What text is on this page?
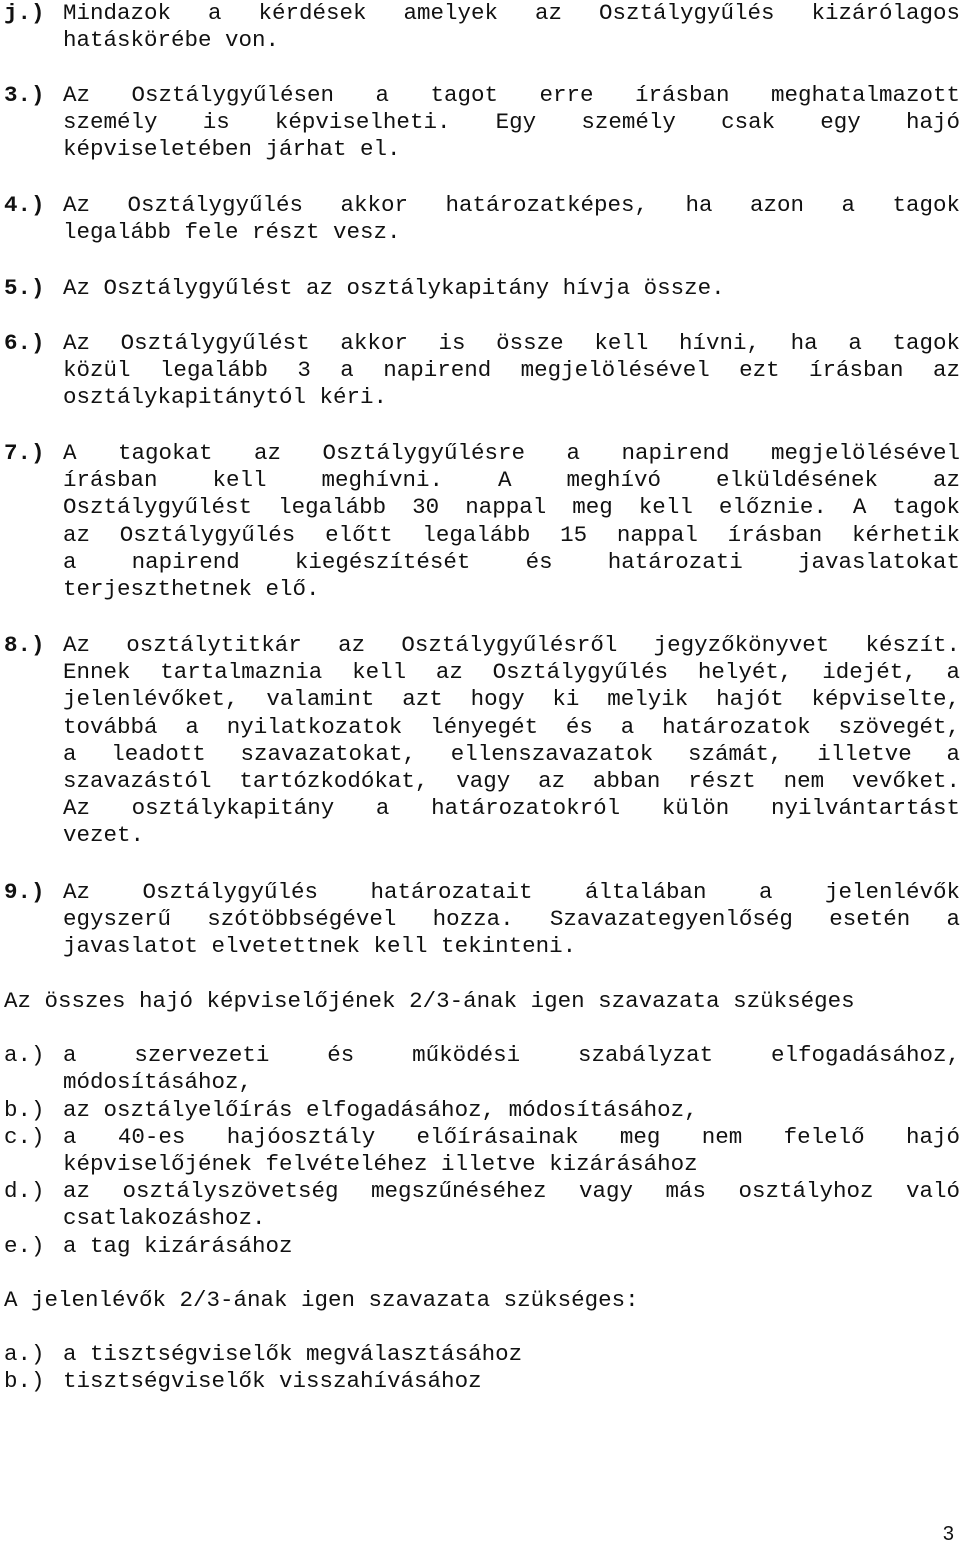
j.) Mindazok a kérdések amelyek az Osztálygyűlés kizárólagos
hatáskörébe von.
3.) Az Osztálygyűlésen a tagot erre írásban meghatalmazott
személy is képviselheti. Egy személy csak egy hajó
képviseletében járhat el.
4.) Az Osztálygyűlés akkor határozatképes, ha azon a tagok
legalább fele részt vesz.
5.) Az Osztálygyűlést az osztálykapitány hívja össze.
6.) Az Osztálygyűlést akkor is össze kell hívni, ha a tagok
közül legalább 3 a napirend megjelölésével ezt írásban az
osztálykapitánytól kéri.
7.) A tagokat az Osztálygyűlésre a napirend megjelölésével
írásban kell meghívni. A meghívó elküldésének az
Osztálygyűlést legalább 30 nappal meg kell előznie. A tagok
az Osztálygyűlés előtt legalább 15 nappal írásban kérhetik
a napirend kiegészítését és határozati javaslatokat
terjeszthetnek elő.
8.) Az osztálytitkár az Osztálygyűlésről jegyzőkönyvet készít.
Ennek tartalmaznia kell az Osztálygyűlés helyét, idejét, a
jelenlévőket, valamint azt hogy ki melyik hajót képviselte,
továbbá a nyilatkozatok lényegét és a határozatok szövegét,
a leadott szavazatokat, ellenszavazatok számát, illetve a
szavazástól tartózkodókat, vagy az abban részt nem vevőket.
Az osztálykapitány a határozatokról külön nyilvántartást
vezet.
9.) Az Osztálygyűlés határozatait általában a jelenlévők
egyszerű szótöbbségével hozza. Szavazategyenlőség esetén a
javaslatot elvetettnek kell tekinteni.
Az összes hajó képviselőjének 2/3-ának igen szavazata szükséges
a.) a szervezeti és működési szabályzat elfogadásához,
módosításához,
b.) az osztályelőírás elfogadásához, módosításához,
c.) a 40-es hajóosztály előírásainak meg nem felelő hajó
képviselőjének felvételéhez illetve kizárásához
d.) az osztályszövetség megszűnéséhez vagy más osztályhoz való
csatlakozáshoz.
e.) a tag kizárásához
A jelenlévők 2/3-ának igen szavazata szükséges:
a.) a tisztségviselők megválasztásához
b.) tisztségviselők visszahívásához
3
